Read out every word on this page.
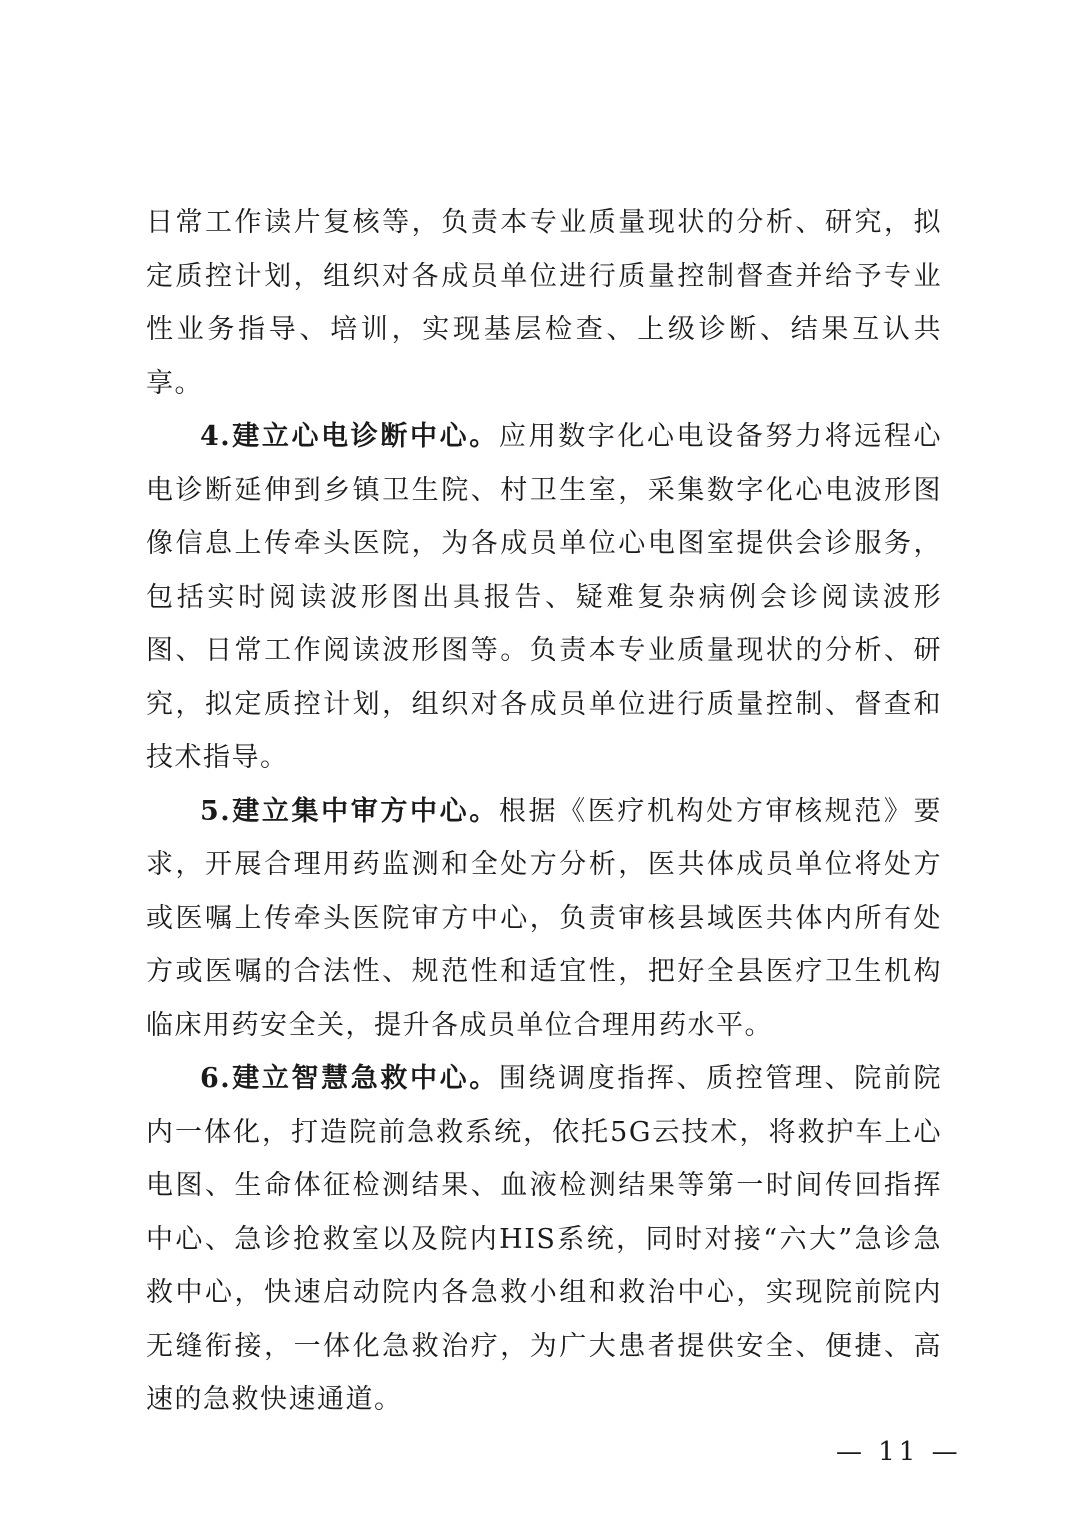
日常工作读片复核等，负责本专业质量现状的分析、研究，拟定质控计划，组织对各成员单位进行质量控制督查并给予专业性业务指导、培训，实现基层检查、上级诊断、结果互认共享。

4.建立心电诊断中心。应用数字化心电设备努力将远程心电诊断延伸到乡镇卫生院、村卫生室，采集数字化心电波形图像信息上传牵头医院，为各成员单位心电图室提供会诊服务，包括实时阅读波形图出具报告、疑难复杂病例会诊阅读波形图、日常工作阅读波形图等。负责本专业质量现状的分析、研究，拟定质控计划，组织对各成员单位进行质量控制、督查和技术指导。

5.建立集中审方中心。根据《医疗机构处方审核规范》要求，开展合理用药监测和全处方分析，医共体成员单位将处方或医嘱上传牵头医院审方中心，负责审核县域医共体内所有处方或医嘱的合法性、规范性和适宜性，把好全县医疗卫生机构临床用药安全关，提升各成员单位合理用药水平。

6.建立智慧急救中心。围绕调度指挥、质控管理、院前院内一体化，打造院前急救系统，依托5G云技术，将救护车上心电图、生命体征检测结果、血液检测结果等第一时间传回指挥中心、急诊抢救室以及院内HIS系统，同时对接“六大”急诊急救中心，快速启动院内各急救小组和救治中心，实现院前院内无缝衔接，一体化急救治疗，为广大患者提供安全、便捷、高速的急救快速通道。

— 11 —
